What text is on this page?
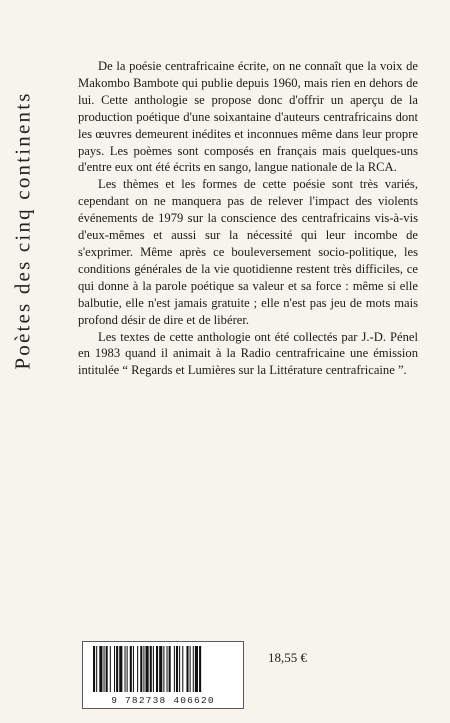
Poètes des cinq continents

De la poésie centrafricaine écrite, on ne connaît que la voix de Makombo Bambote qui publie depuis 1960, mais rien en dehors de lui. Cette anthologie se propose donc d'offrir un aperçu de la production poétique d'une soixantaine d'auteurs centrafricains dont les œuvres demeurent inédites et inconnues même dans leur propre pays. Les poèmes sont composés en français mais quelques-uns d'entre eux ont été écrits en sango, langue nationale de la RCA.

Les thèmes et les formes de cette poésie sont très variés, cependant on ne manquera pas de relever l'impact des violents événements de 1979 sur la conscience des centrafricains vis-à-vis d'eux-mêmes et aussi sur la nécessité qui leur incombe de s'exprimer. Même après ce bouleversement socio-politique, les conditions générales de la vie quotidienne restent très difficiles, ce qui donne à la parole poétique sa valeur et sa force : même si elle balbutie, elle n'est jamais gratuite ; elle n'est pas jeu de mots mais profond désir de dire et de libérer.

Les textes de cette anthologie ont été collectés par J.-D. Pénel en 1983 quand il animait à la Radio centrafricaine une émission intitulée “ Regards et Lumières sur la Littérature centrafricaine ”.

9 782738 406620
18,55 €
